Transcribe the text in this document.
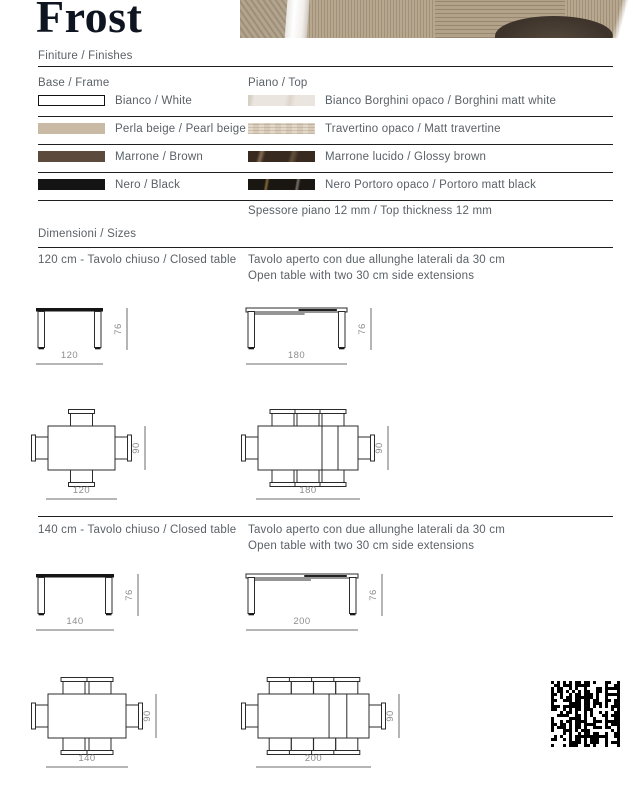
Frost
Finiture / Finishes
Base / Frame	Piano / Top
Bianco / White	Bianco Borghini opaco / Borghini matt white
Perla beige / Pearl beige	Travertino opaco / Matt travertine
Marrone / Brown	Marrone lucido / Glossy brown
Nero / Black	Nero Portoro opaco / Portoro matt black
Spessore piano 12 mm / Top thickness 12 mm
Dimensioni / Sizes
120 cm - Tavolo chiuso / Closed table Tavolo aperto con due allunghe laterali da 30 cm
Open table with two 30 cm side extensions
120
76
180
76
120
90
180
90
140 cm - Tavolo chiuso / Closed table Tavolo aperto con due allunghe laterali da 30 cm
Open table with two 30 cm side extensions
140
76
200
76
140
90
200
90
